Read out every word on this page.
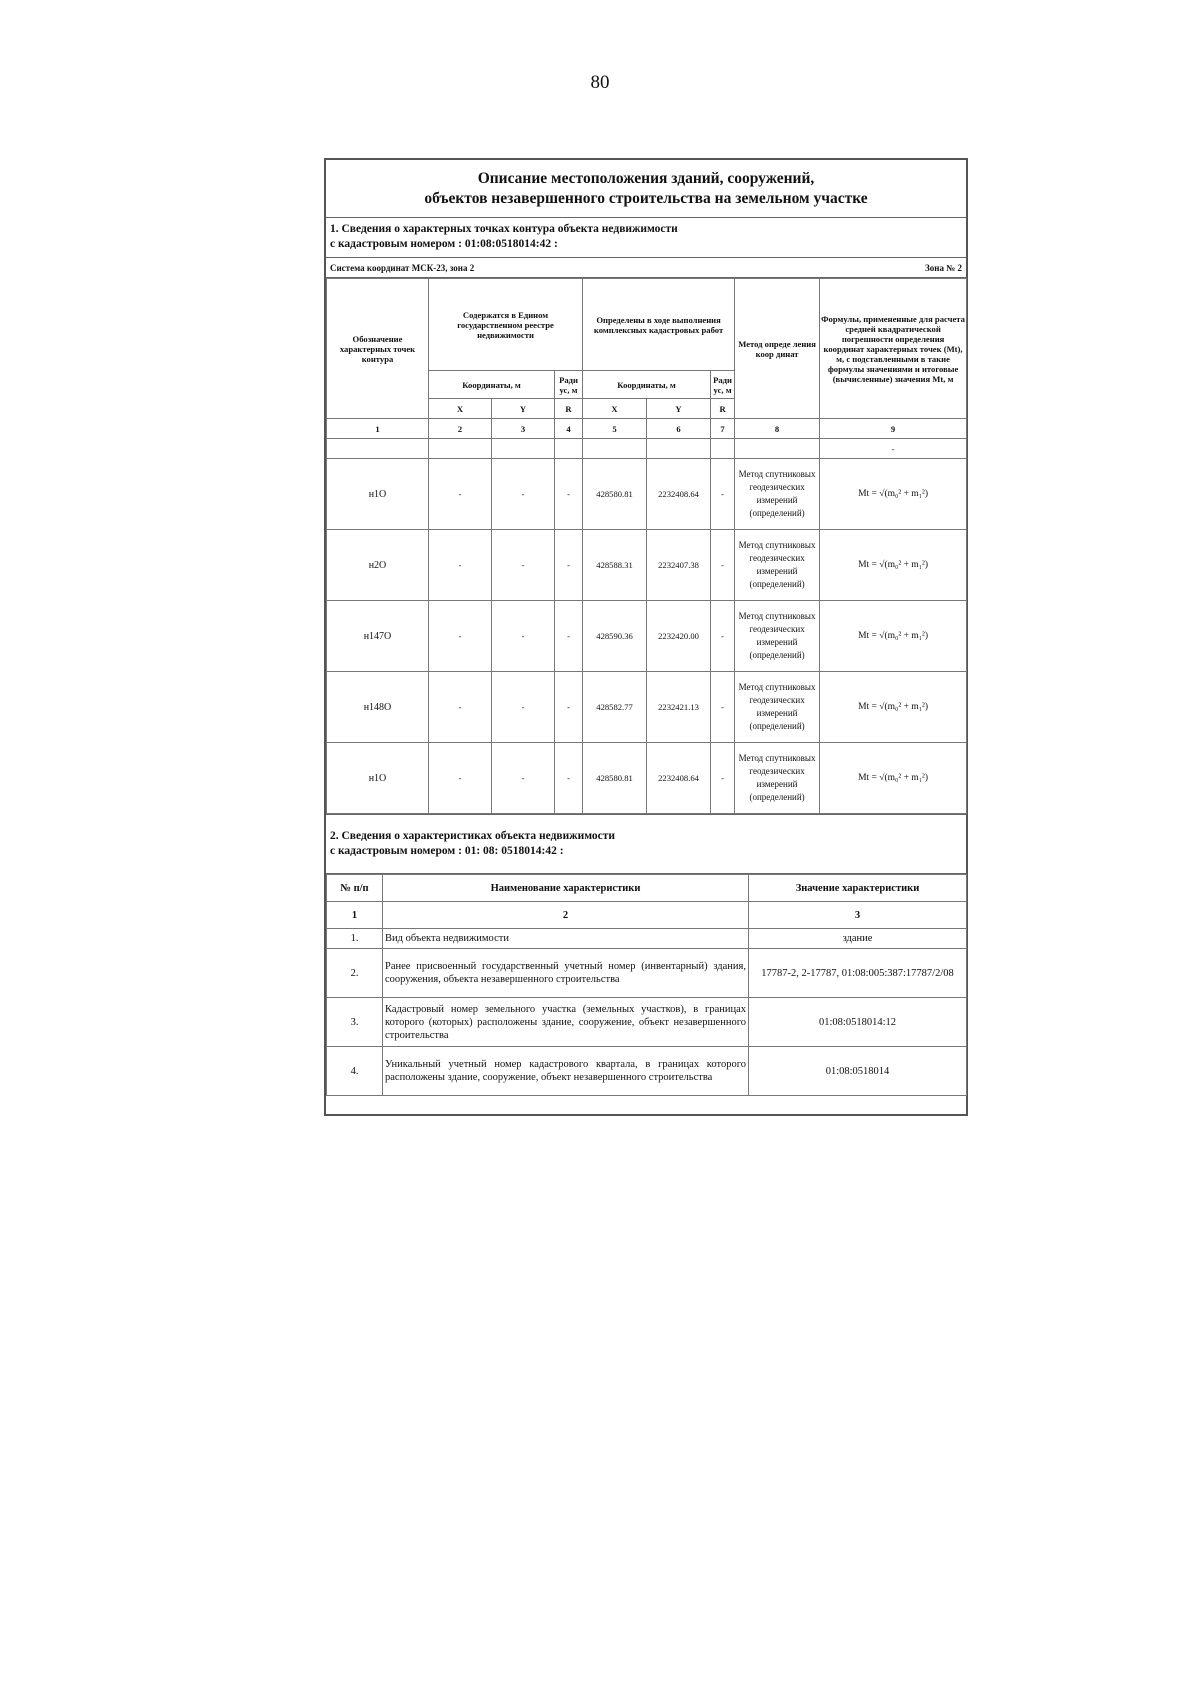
80
Описание местоположения зданий, сооружений,
объектов незавершенного строительства на земельном участке
1. Сведения о характерных точках контура объекта недвижимости
с кадастровым номером : 01:08:0518014:42 :
Система координат МСК-23, зона 2	Зона № 2
Обозначение характерных точек контура	Содержатся в Едином государственном реестре недвижимости			Определены в ходе выполнения комплексных кадастровых работ			Метод опреде ления коор динат	Формулы, примененные для расчета средней квадратической погрешности определения координат характерных точек (Mt), м, с подставленными в такие формулы значениями и итоговые (вычисленные) значения Mt, м
	Координаты, м		Ради ус, м	Координаты, м		Ради ус, м		
	X	Y	R	X	Y	R		
1	2	3	4	5	6	7	8	9
								-
н1О	-	-	-	428580.81	2232408.64	-	Метод спутниковых геодезических измерений (определений)	Mt = √(m₀² + m₁²)
н2О	-	-	-	428588.31	2232407.38	-	Метод спутниковых геодезических измерений (определений)	Mt = √(m₀² + m₁²)
н147О	-	-	-	428590.36	2232420.00	-	Метод спутниковых геодезических измерений (определений)	Mt = √(m₀² + m₁²)
н148О	-	-	-	428582.77	2232421.13	-	Метод спутниковых геодезических измерений (определений)	Mt = √(m₀² + m₁²)
н1О	-	-	-	428580.81	2232408.64	-	Метод спутниковых геодезических измерений (определений)	Mt = √(m₀² + m₁²)
2. Сведения о характеристиках объекта недвижимости
с кадастровым номером : 01: 08: 0518014:42 :
№ п/п	Наименование характеристики	Значение характеристики
1	2	3
1.	Вид объекта недвижимости	здание
2.	Ранее присвоенный государственный учетный номер (инвентарный) здания, сооружения, объекта незавершенного строительства	17787-2, 2-17787, 01:08:005:387:17787/2/08
3.	Кадастровый номер земельного участка (земельных участков), в границах которого (которых) расположены здание, сооружение, объект незавершенного строительства	01:08:0518014:12
4.	Уникальный учетный номер кадастрового квартала, в границах которого расположены здание, сооружение, объект незавершенного строительства	01:08:0518014
